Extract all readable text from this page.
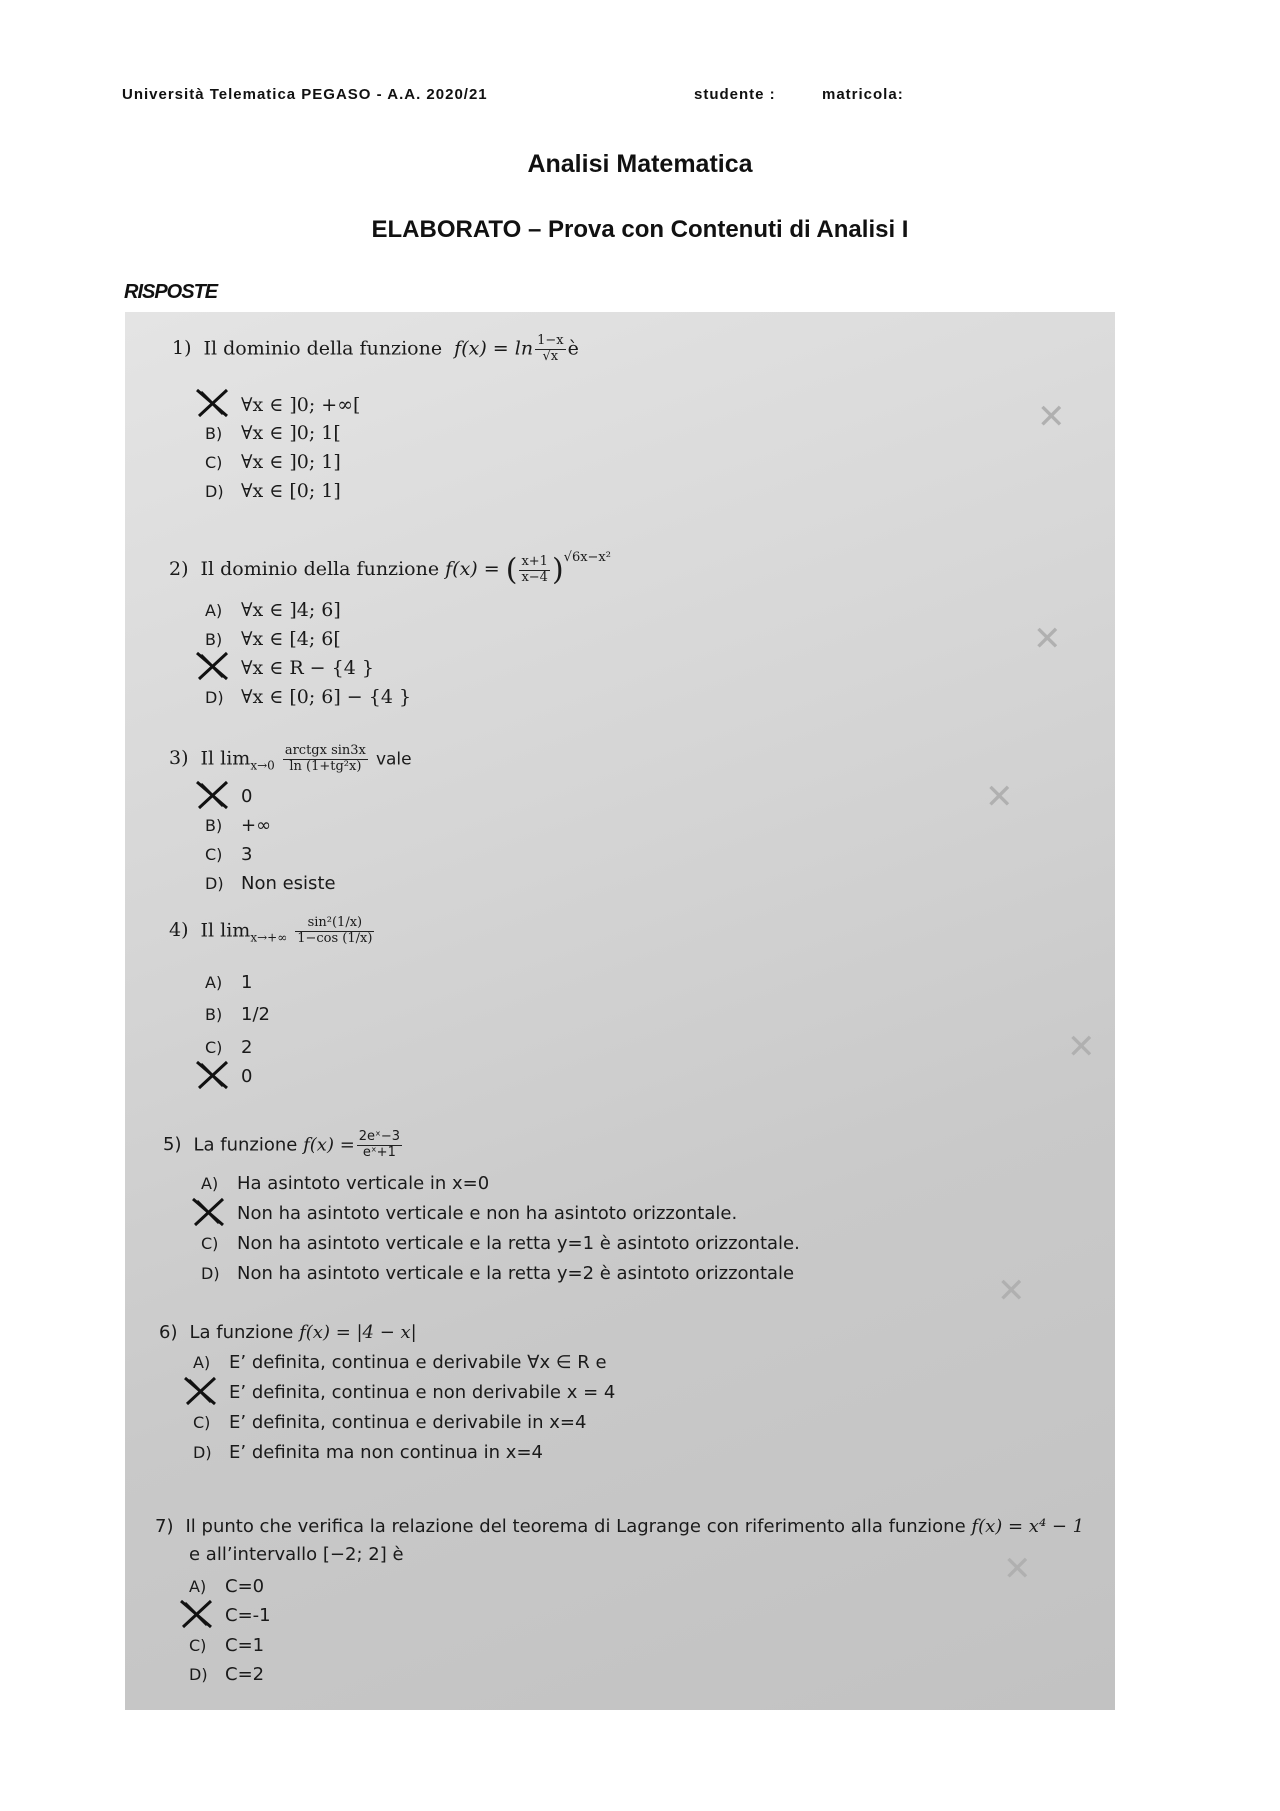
Università Telematica PEGASO - A.A. 2020/21	studente :	matricola:
Analisi Matematica
ELABORATO – Prova con Contenuti di Analisi I
RISPOSTE
✕
✕
✕
✕
✕
✕
1) Il dominio della funzione $f(x) = \ln \frac{1-x}{√x}$ è
∀x ∈ ]0; +∞[
B) ∀x ∈ ]0; 1[
C) ∀x ∈ ]0; 1]
D) ∀x ∈ [0; 1]
2) Il dominio della funzione f(x) = ( $\frac{x+1}{x-4} )^{√6x-x^2}$
A) ∀x ∈ ]4; 6]
B) ∀x ∈ [4; 6[
∀x ∈ R − {4 }
D) ∀x ∈ [0; 6] − {4 }
3) Il $\lim_{x\to 0} \frac{\text{arctgx sin3x}}{\text{ln (1+tg²x)}}$ vale
0
B) +∞
C) 3
D) Non esiste
4) Il $\lim_{x\to+\infty} \frac{\text{sin²(1/x)}}{1-\cos (1/x)}$
A) 1
B) 1/2
C) 2
0
5) La funzione $f(x) = \frac{\text{2eˣ−3}}{\text{eˣ+1}}$
A) Ha asintoto verticale in x=0
Non ha asintoto verticale e non ha asintoto orizzontale.
C) Non ha asintoto verticale e la retta y=1 è asintoto orizzontale.
D) Non ha asintoto verticale e la retta y=2 è asintoto orizzontale
6) La funzione f(x) = |4 − x|
A) E’ definita, continua e derivabile ∀x ∈ R e
E’ definita, continua e non derivabile x = 4
C) E’ definita, continua e derivabile in x=4
D) E’ definita ma non continua in x=4
7) Il punto che verifica la relazione del teorema di Lagrange con riferimento alla funzione f(x) = x⁴ − 1
e all’intervallo [−2; 2] è
A) C=0
C=-1
C) C=1
D) C=2
